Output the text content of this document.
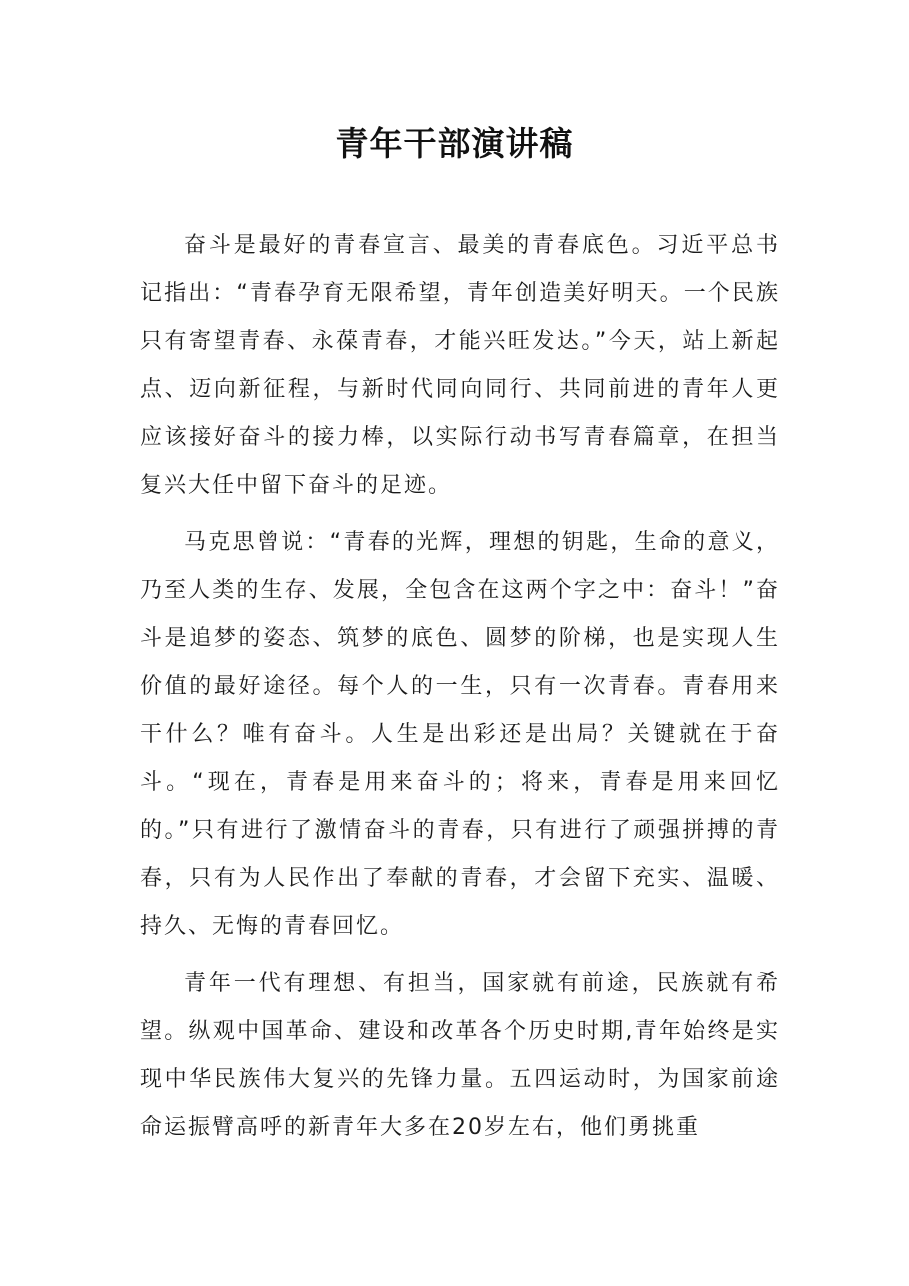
青年干部演讲稿

奋斗是最好的青春宣言、最美的青春底色。习近平总书记指出：“青春孕育无限希望，青年创造美好明天。一个民族只有寄望青春、永葆青春，才能兴旺发达。”今天，站上新起点、迈向新征程，与新时代同向同行、共同前进的青年人更应该接好奋斗的接力棒，以实际行动书写青春篇章，在担当复兴大任中留下奋斗的足迹。

马克思曾说：“青春的光辉，理想的钥匙，生命的意义，乃至人类的生存、发展，全包含在这两个字之中：奋斗！”奋斗是追梦的姿态、筑梦的底色、圆梦的阶梯，也是实现人生价值的最好途径。每个人的一生，只有一次青春。青春用来干什么？唯有奋斗。人生是出彩还是出局？关键就在于奋斗。“现在，青春是用来奋斗的；将来，青春是用来回忆的。”只有进行了激情奋斗的青春，只有进行了顽强拼搏的青春，只有为人民作出了奉献的青春，才会留下充实、温暖、持久、无悔的青春回忆。

青年一代有理想、有担当，国家就有前途，民族就有希望。纵观中国革命、建设和改革各个历史时期,青年始终是实现中华民族伟大复兴的先锋力量。五四运动时，为国家前途命运振臂高呼的新青年大多在20岁左右，他们勇挑重
